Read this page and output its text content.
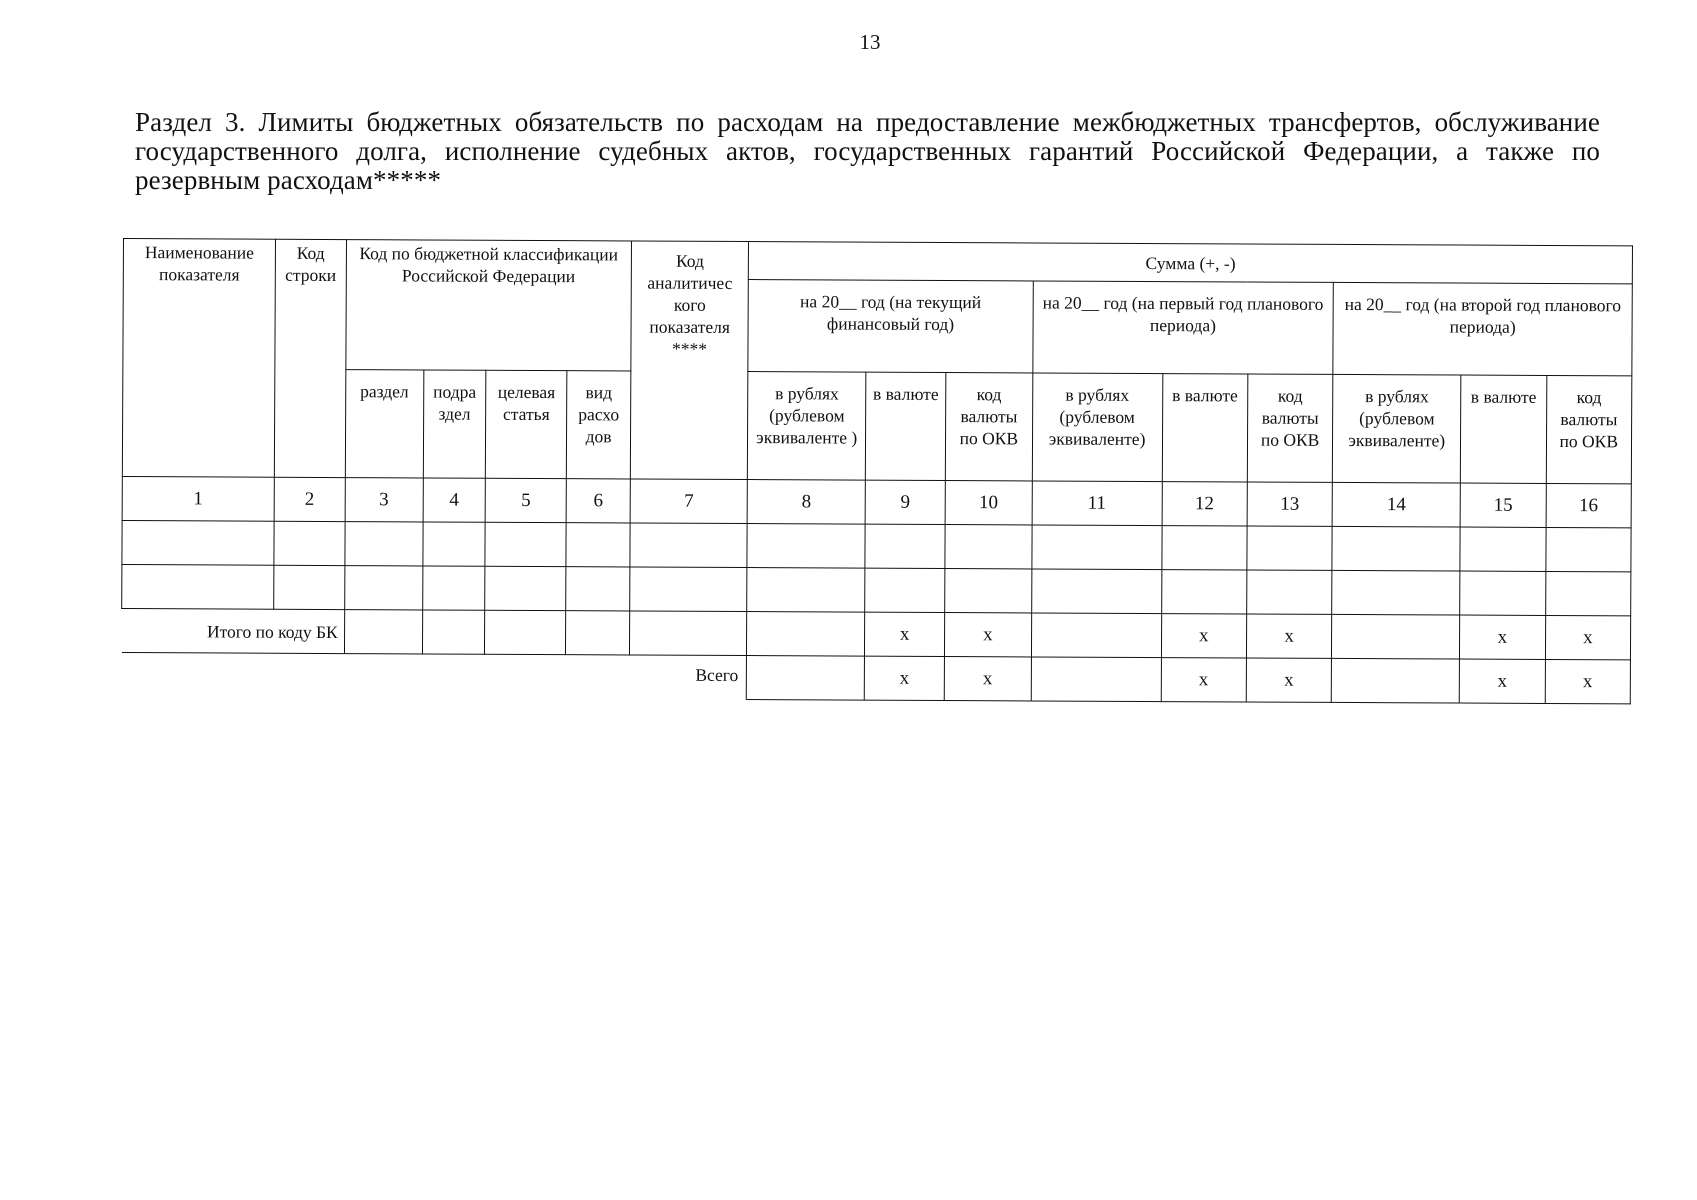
13
Раздел 3. Лимиты бюджетных обязательств по расходам на предоставление межбюджетных трансфертов, обслуживание государственного долга, исполнение судебных актов, государственных гарантий Российской Федерации, а также по резервным расходам*****
Наименование показателя	Код строки	Код по бюджетной классификации Российской Федерации				Код аналитичес кого показателя ****	Сумма (+, -)								
							на 20__ год (на текущий финансовый год)			на 20__ год (на первый год планового периода)			на 20__ год (на второй год планового периода)		
		раздел	подра здел	целевая статья	вид расхо дов		в рублях (рублевом эквиваленте )	в валюте	код валюты по ОКВ	в рублях (рублевом эквиваленте)	в валюте	код валюты по ОКВ	в рублях (рублевом эквиваленте)	в валюте	код валюты по ОКВ
1	2	3	4	5	6	7	8	9	10	11	12	13	14	15	16

Итого по коду БК								х	х		х	х		х	х
Всего								х	х		х	х		х	х
